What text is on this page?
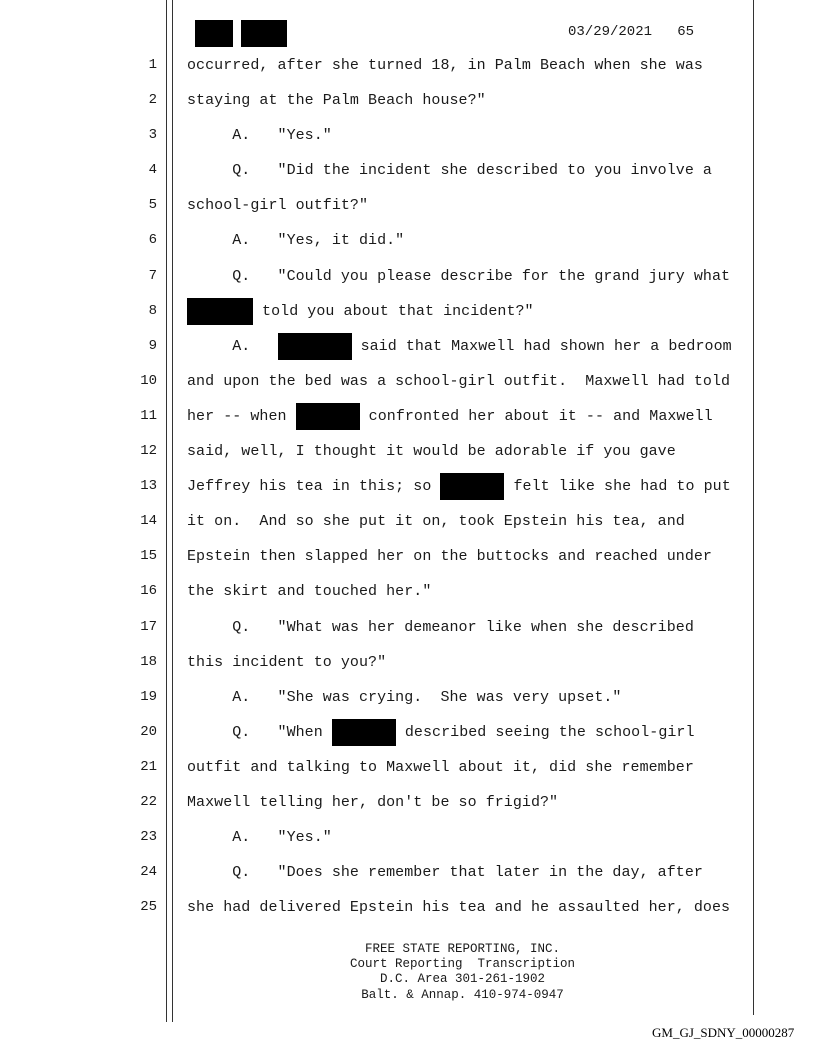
03/29/2021   65
1 occurred, after she turned 18, in Palm Beach when she was
2 staying at the Palm Beach house?"
3 A.   "Yes."
4 Q.   "Did the incident she described to you involve a
5 school-girl outfit?"
6 A.   "Yes, it did."
7 Q.   "Could you please describe for the grand jury what
8	told you about that incident?"
9 A.	said that Maxwell had shown her a bedroom
10 and upon the bed was a school-girl outfit.  Maxwell had told
11 her -- when	confronted her about it -- and Maxwell
12 said, well, I thought it would be adorable if you gave
13 Jeffrey his tea in this; so	felt like she had to put
14 it on.  And so she put it on, took Epstein his tea, and
15 Epstein then slapped her on the buttocks and reached under
16 the skirt and touched her."
17 Q.   "What was her demeanor like when she described
18 this incident to you?"
19 A.   "She was crying.  She was very upset."
20 Q.   "When	described seeing the school-girl
21 outfit and talking to Maxwell about it, did she remember
22 Maxwell telling her, don't be so frigid?"
23 A.   "Yes."
24 Q.   "Does she remember that later in the day, after
25 she had delivered Epstein his tea and he assaulted her, does
FREE STATE REPORTING, INC.
Court Reporting  Transcription
D.C. Area 301-261-1902
Balt. & Annap. 410-974-0947
GM_GJ_SDNY_00000287
